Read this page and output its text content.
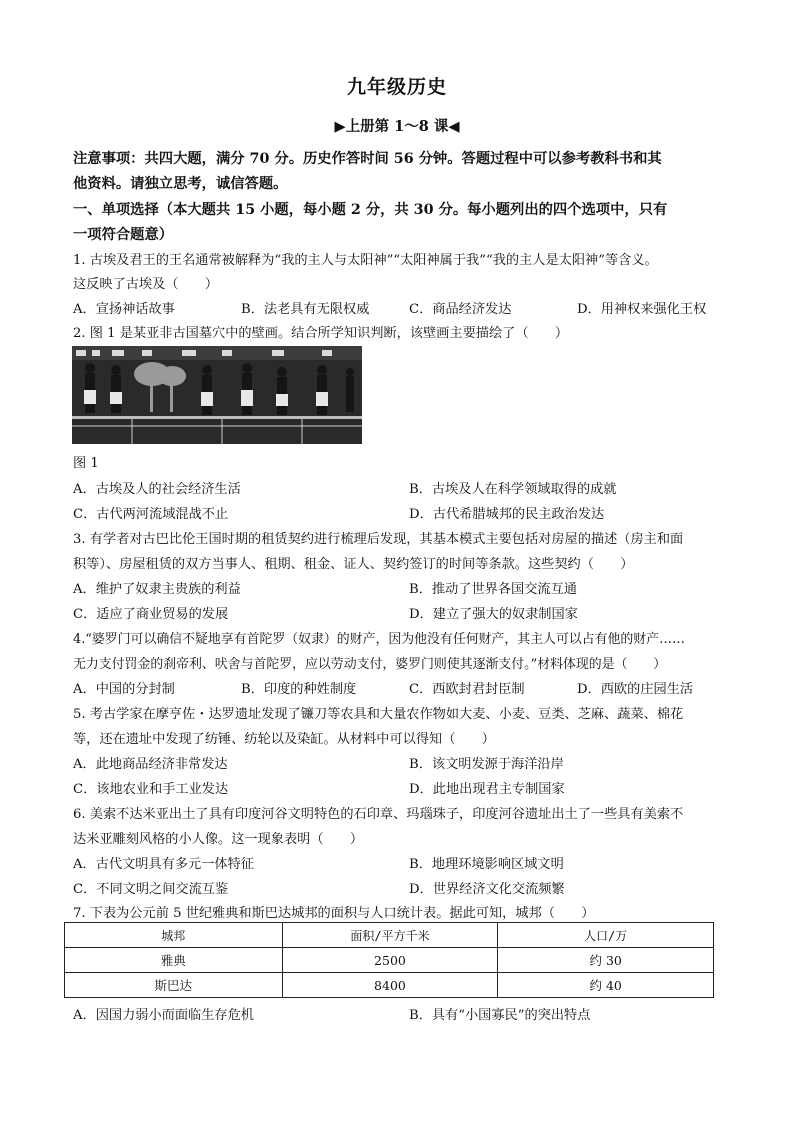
九年级历史
▶上册第 1～8 课◀
注意事项：共四大题，满分 70 分。历史作答时间 56 分钟。答题过程中可以参考教科书和其
他资料。请独立思考，诚信答题。
一、单项选择（本大题共 15 小题，每小题 2 分，共 30 分。每小题列出的四个选项中，只有
一项符合题意）
1. 古埃及君王的王名通常被解释为“我的主人与太阳神”“太阳神属于我”“我的主人是太阳神”等含义。
这反映了古埃及（　　）
A．宣扬神话故事	B．法老具有无限权威	C．商品经济发达	D．用神权来强化王权
2. 图 1 是某亚非古国墓穴中的壁画。结合所学知识判断，该壁画主要描绘了（　　）
图 1
A．古埃及人的社会经济生活	B．古埃及人在科学领域取得的成就
C．古代两河流域混战不止	D．古代希腊城邦的民主政治发达
3. 有学者对古巴比伦王国时期的租赁契约进行梳理后发现，其基本模式主要包括对房屋的描述（房主和面
积等）、房屋租赁的双方当事人、租期、租金、证人、契约签订的时间等条款。这些契约（　　）
A．维护了奴隶主贵族的利益	B．推动了世界各国交流互通
C．适应了商业贸易的发展	D．建立了强大的奴隶制国家
4.“婆罗门可以确信不疑地享有首陀罗（奴隶）的财产，因为他没有任何财产，其主人可以占有他的财产……
无力支付罚金的刹帝利、吠舍与首陀罗，应以劳动支付，婆罗门则使其逐渐支付。”材料体现的是（　　）
A．中国的分封制	B．印度的种姓制度	C．西欧封君封臣制	D．西欧的庄园生活
5. 考古学家在摩亨佐・达罗遗址发现了镰刀等农具和大量农作物如大麦、小麦、豆类、芝麻、蔬菜、棉花
等，还在遗址中发现了纺锤、纺轮以及染缸。从材料中可以得知（　　）
A．此地商品经济非常发达	B．该文明发源于海洋沿岸
C．该地农业和手工业发达	D．此地出现君主专制国家
6. 美索不达米亚出土了具有印度河谷文明特色的石印章、玛瑙珠子，印度河谷遗址出土了一些具有美索不
达米亚雕刻风格的小人像。这一现象表明（　　）
A．古代文明具有多元一体特征	B．地理环境影响区域文明
C．不同文明之间交流互鉴	D．世界经济文化交流频繁
7. 下表为公元前 5 世纪雅典和斯巴达城邦的面积与人口统计表。据此可知，城邦（　　）
城邦	面积/平方千米	人口/万
雅典	2500	约 30
斯巴达	8400	约 40
A．因国力弱小而面临生存危机	B．具有“小国寡民”的突出特点
